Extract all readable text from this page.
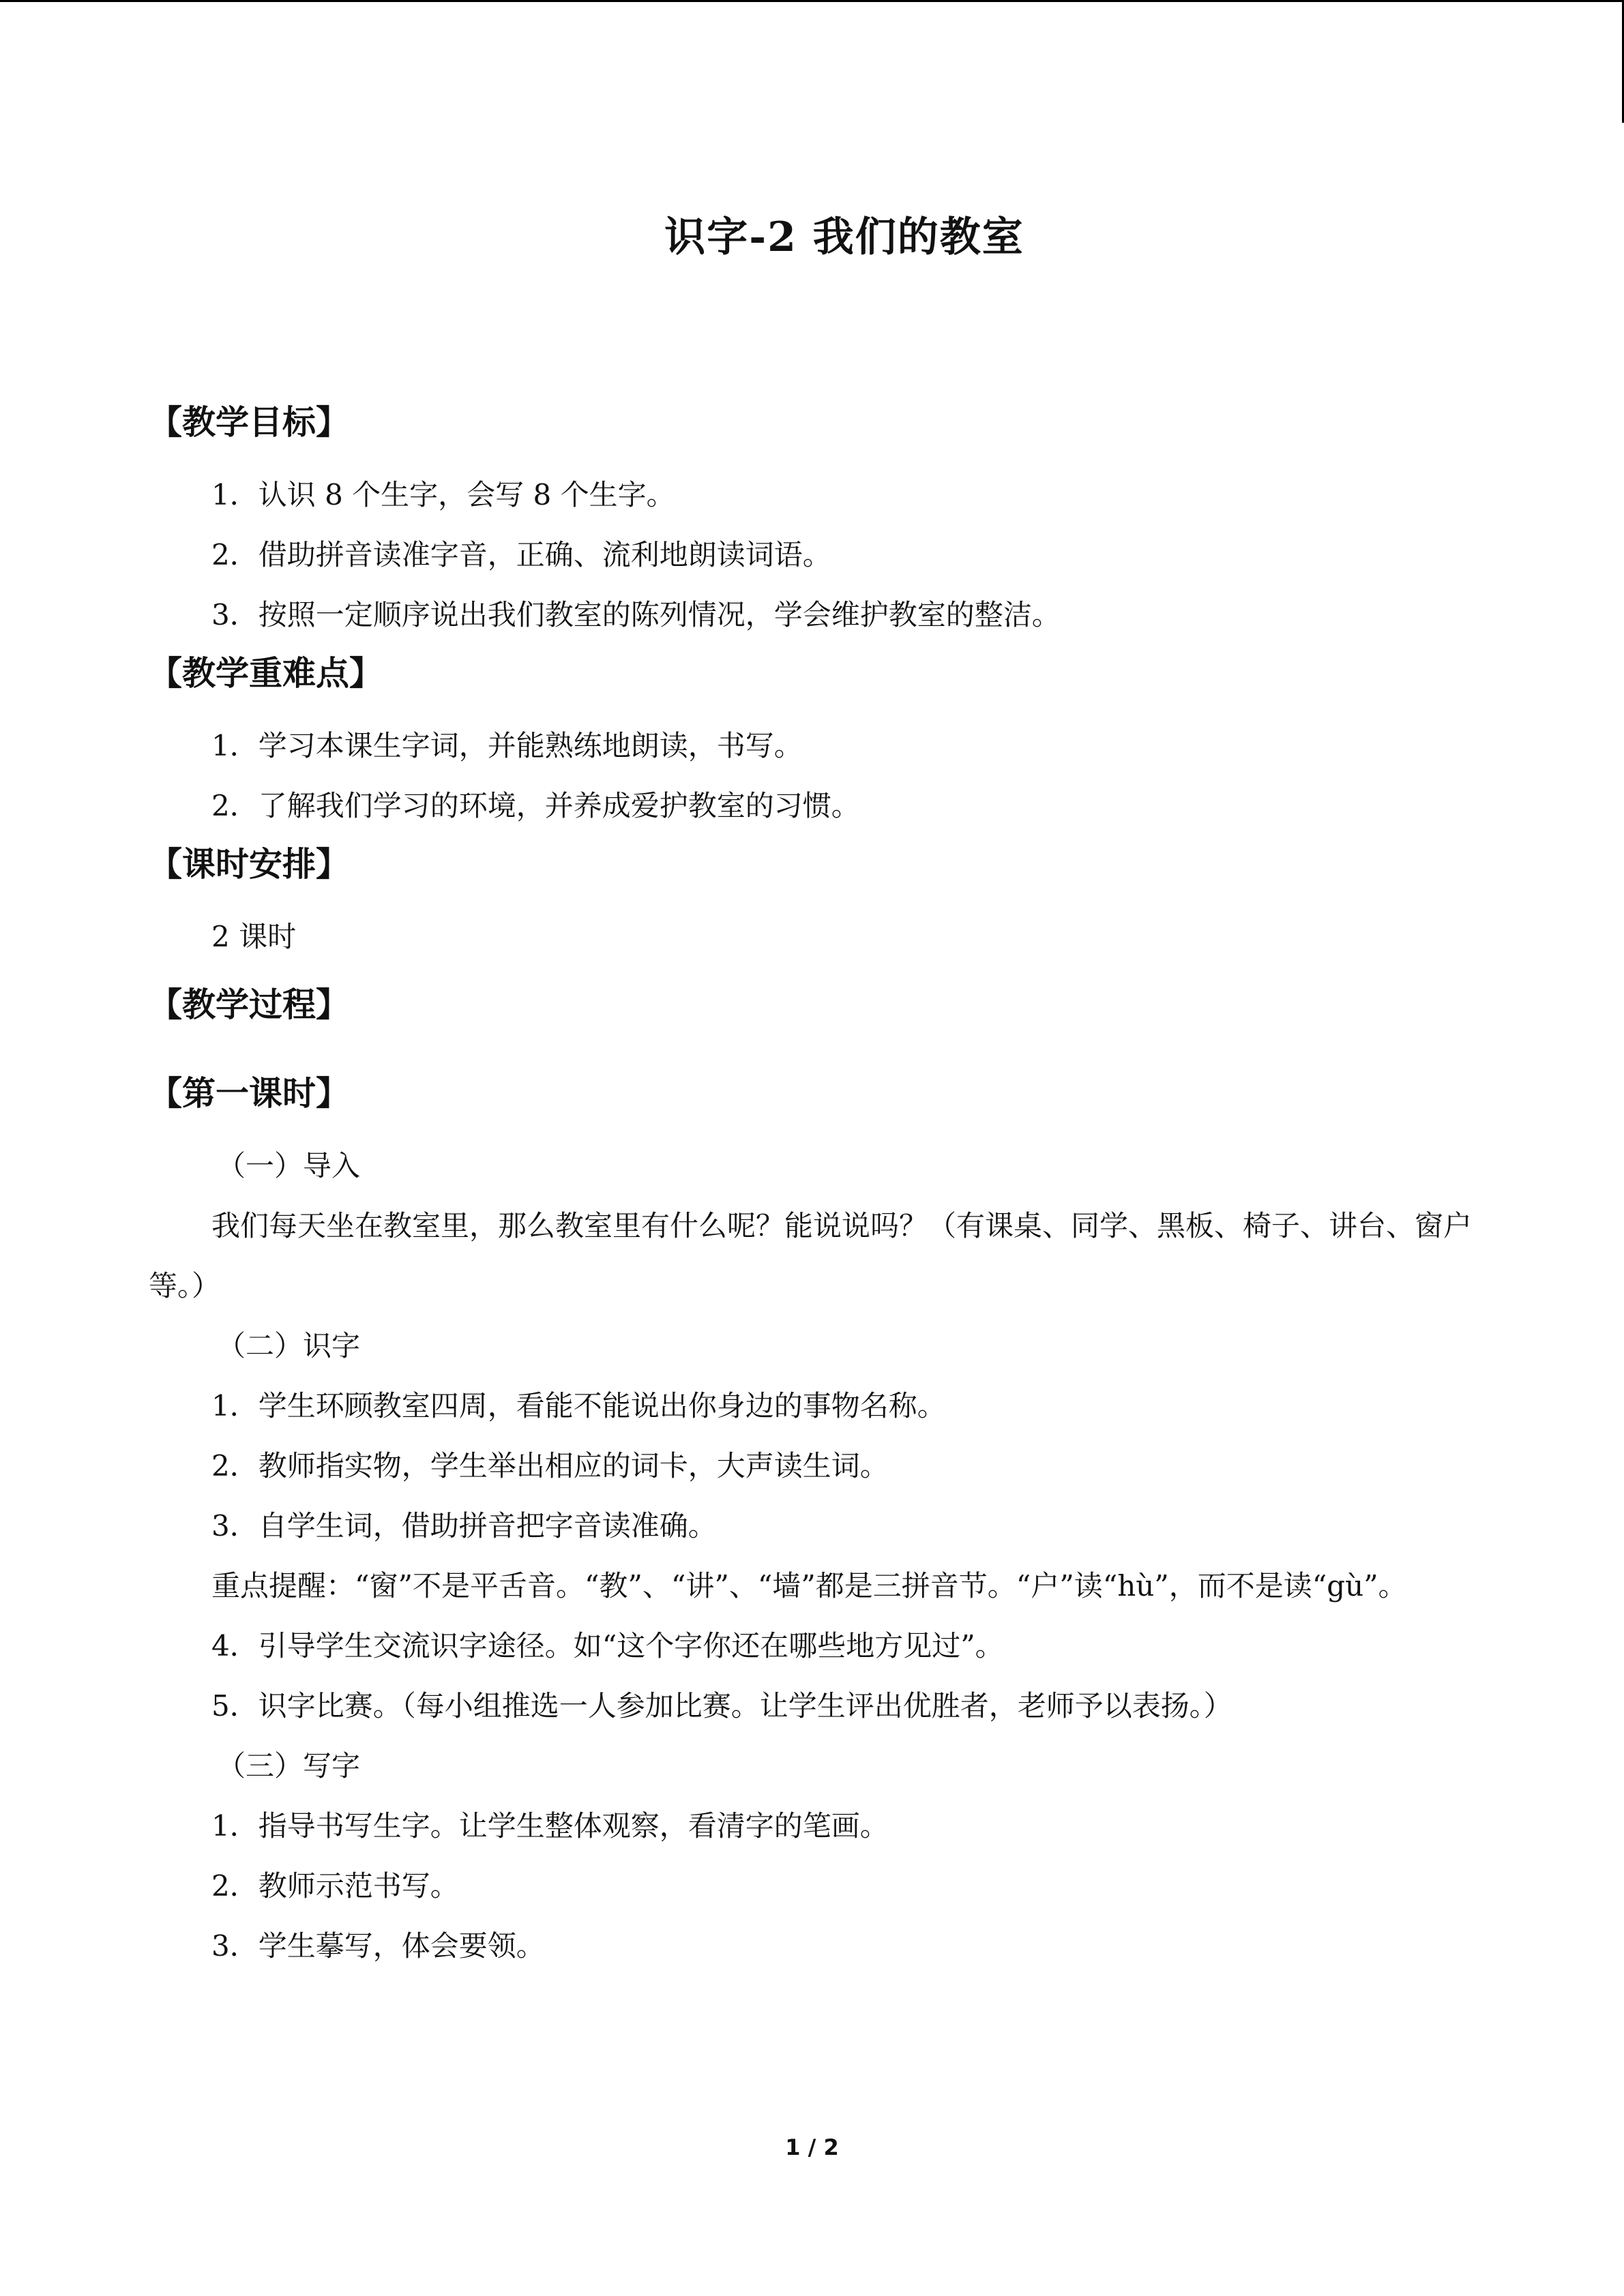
识字-2 我们的教室

【教学目标】

1．认识 8 个生字，会写 8 个生字。

2．借助拼音读准字音，正确、流利地朗读词语。

3．按照一定顺序说出我们教室的陈列情况，学会维护教室的整洁。

【教学重难点】

1．学习本课生字词，并能熟练地朗读，书写。

2．了解我们学习的环境，并养成爱护教室的习惯。

【课时安排】

2 课时

【教学过程】

【第一课时】

（一）导入

我们每天坐在教室里，那么教室里有什么呢？能说说吗？（有课桌、同学、黑板、椅子、讲台、窗户等。）

（二）识字

1．学生环顾教室四周，看能不能说出你身边的事物名称。

2．教师指实物，学生举出相应的词卡，大声读生词。

3．自学生词，借助拼音把字音读准确。

重点提醒：“窗”不是平舌音。“教”、“讲”、“墙”都是三拼音节。“户”读“hù”，而不是读“gù”。

4．引导学生交流识字途径。如“这个字你还在哪些地方见过”。

5．识字比赛。（每小组推选一人参加比赛。让学生评出优胜者，老师予以表扬。）

（三）写字

1．指导书写生字。让学生整体观察，看清字的笔画。

2．教师示范书写。

3．学生摹写，体会要领。

1 / 2
